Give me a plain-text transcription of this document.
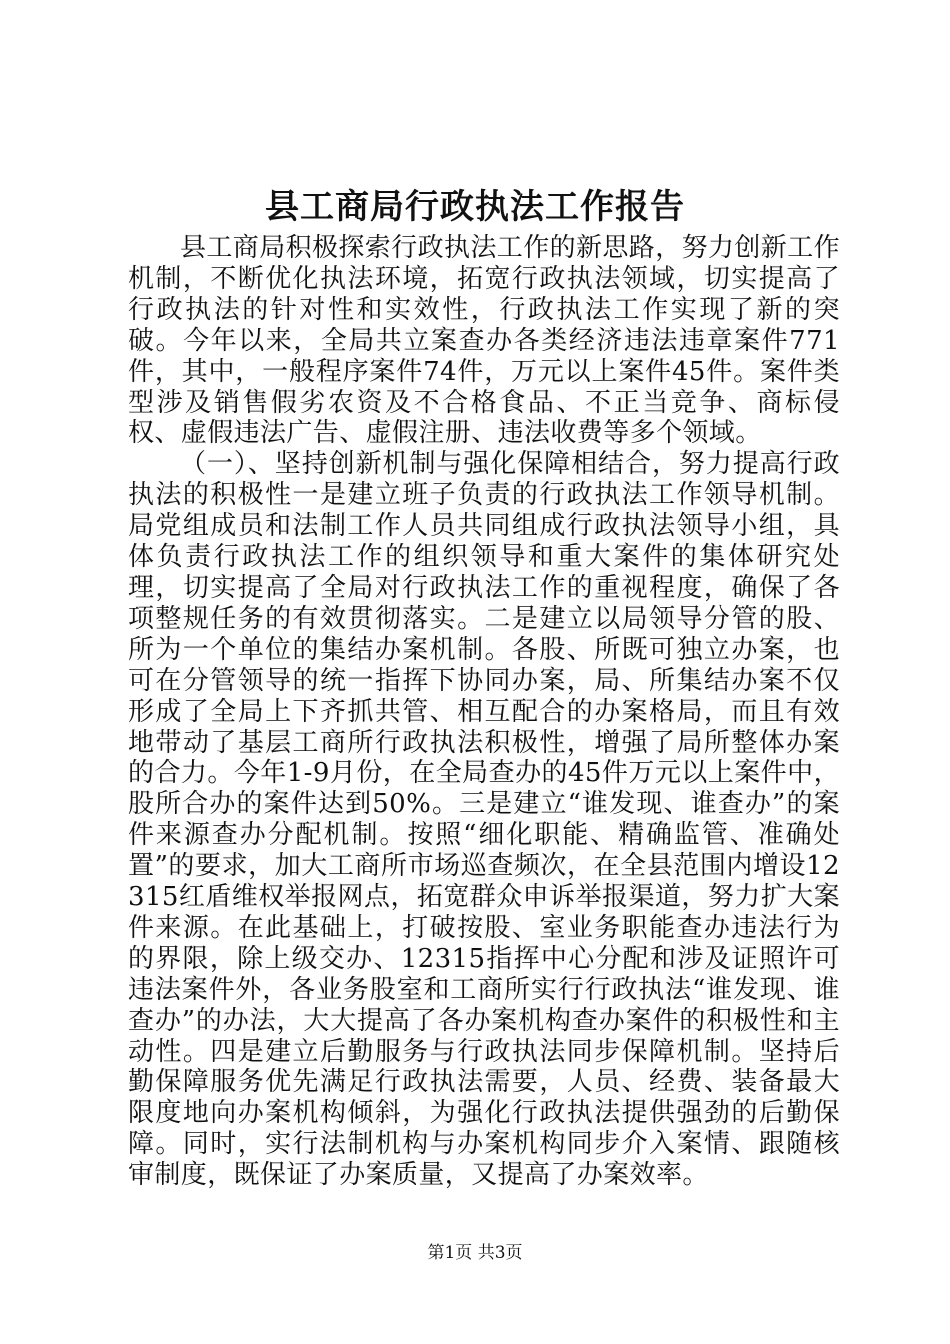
县工商局行政执法工作报告

县工商局积极探索行政执法工作的新思路，努力创新工作机制，不断优化执法环境，拓宽行政执法领域，切实提高了行政执法的针对性和实效性，行政执法工作实现了新的突破。今年以来，全局共立案查办各类经济违法违章案件771件，其中，一般程序案件74件，万元以上案件45件。案件类型涉及销售假劣农资及不合格食品、不正当竞争、商标侵权、虚假违法广告、虚假注册、违法收费等多个领域。

（一）、坚持创新机制与强化保障相结合，努力提高行政执法的积极性一是建立班子负责的行政执法工作领导机制。局党组成员和法制工作人员共同组成行政执法领导小组，具体负责行政执法工作的组织领导和重大案件的集体研究处理，切实提高了全局对行政执法工作的重视程度，确保了各项整规任务的有效贯彻落实。二是建立以局领导分管的股、所为一个单位的集结办案机制。各股、所既可独立办案，也可在分管领导的统一指挥下协同办案，局、所集结办案不仅形成了全局上下齐抓共管、相互配合的办案格局，而且有效地带动了基层工商所行政执法积极性，增强了局所整体办案的合力。今年1-9月份，在全局查办的45件万元以上案件中，股所合办的案件达到50%。三是建立“谁发现、谁查办”的案件来源查办分配机制。按照“细化职能、精确监管、准确处置”的要求，加大工商所市场巡查频次，在全县范围内增设12315红盾维权举报网点，拓宽群众申诉举报渠道，努力扩大案件来源。在此基础上，打破按股、室业务职能查办违法行为的界限，除上级交办、12315指挥中心分配和涉及证照许可违法案件外，各业务股室和工商所实行行政执法“谁发现、谁查办”的办法，大大提高了各办案机构查办案件的积极性和主动性。四是建立后勤服务与行政执法同步保障机制。坚持后勤保障服务优先满足行政执法需要，人员、经费、装备最大限度地向办案机构倾斜，为强化行政执法提供强劲的后勤保障。同时，实行法制机构与办案机构同步介入案情、跟随核审制度，既保证了办案质量，又提高了办案效率。

第1页 共3页
